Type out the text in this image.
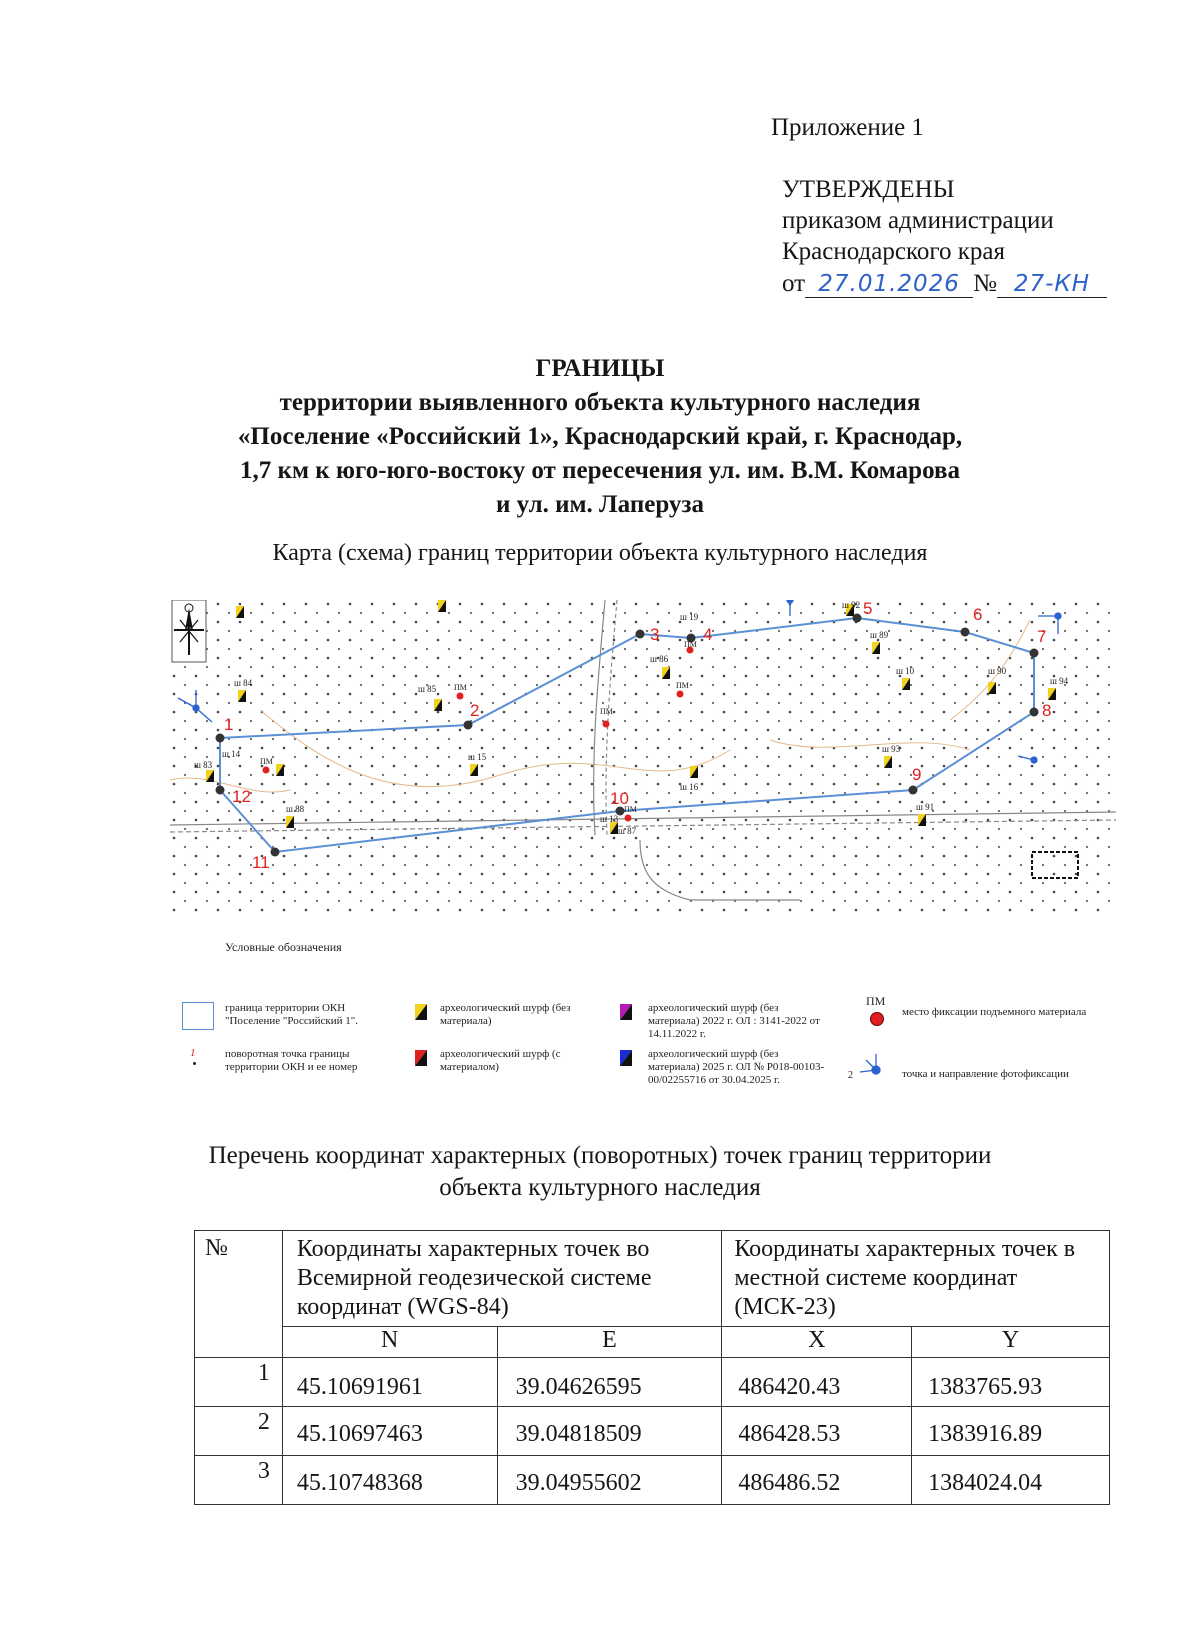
Приложение 1
УТВЕРЖДЕНЫ
приказом администрации
Краснодарского края
от 27.01.2026 № 27-КН
ГРАНИЦЫ
территории выявленного объекта культурного наследия
«Поселение «Российский 1», Краснодарский край, г. Краснодар,
1,7 км к юго-юго-востоку от пересечения ул. им. В.М. Комарова
и ул. им. Лаперуза
Карта (схема) границ территории объекта культурного наследия
1
2
3	4
5	6
7
8
9
10
11
12
ш 84
ш 85
ш 86
ш 19
ш 92
ш 89
ш 10	ш 90
ш 94
ш 93
ш 91
ш 14
ш 83
ш 88
ш 15
ш 16
ш 87
ш 13
ПМ
ПМ
ПМ
ПМ
ПМ
ПМ
Условные обозначения
граница территории ОКН "Поселение "Российский 1".
1	поворотная точка границы территории ОКН и ее номер
археологический шурф (без материала)
археологический шурф (с материалом)
археологический шурф (без материала) 2022 г. ОЛ : 3141-2022 от 14.11.2022 г.
археологический шурф (без материала) 2025 г. ОЛ № Р018-00103-00/02255716 от 30.04.2025 г.
ПМ
место фиксации подъемного материала
2	точка и направление фотофиксации
Перечень координат характерных (поворотных) точек границ территории
объекта культурного наследия
№	Координаты характерных точек во Всемирной геодезической системе координат (WGS-84)		Координаты характерных точек в местной системе координат (МСК-23)	
	N	E	X	Y
1	45.10691961	39.04626595	486420.43	1383765.93
2	45.10697463	39.04818509	486428.53	1383916.89
3	45.10748368	39.04955602	486486.52	1384024.04
